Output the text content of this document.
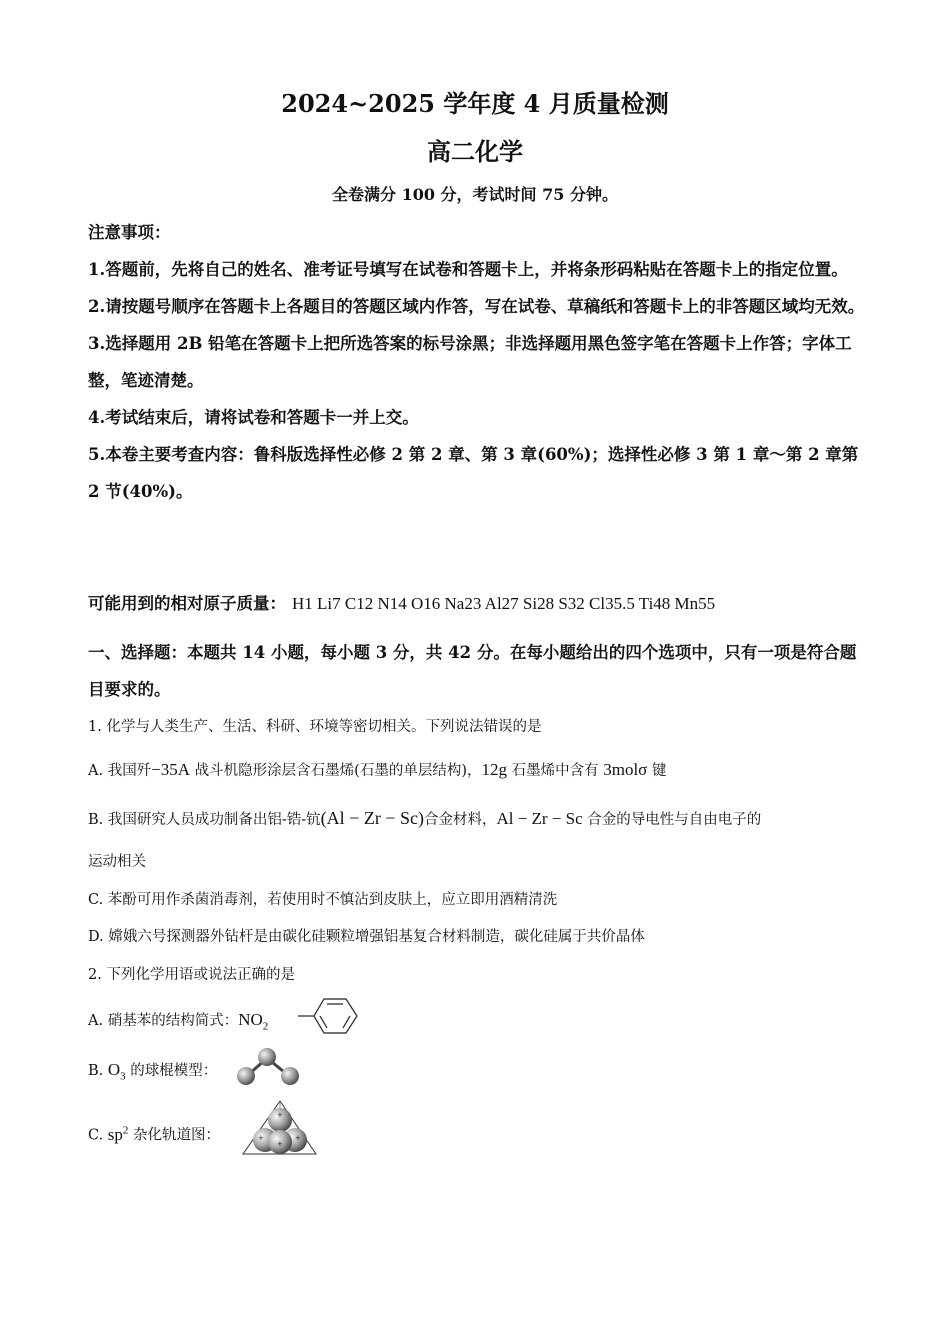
2024~2025 学年度 4 月质量检测
高二化学
全卷满分 100 分，考试时间 75 分钟。
注意事项：
1.答题前，先将自己的姓名、准考证号填写在试卷和答题卡上，并将条形码粘贴在答题卡上的指定位置。
2.请按题号顺序在答题卡上各题目的答题区域内作答，写在试卷、草稿纸和答题卡上的非答题区域均无效。
3.选择题用 2B 铅笔在答题卡上把所选答案的标号涂黑；非选择题用黑色签字笔在答题卡上作答；字体工整，笔迹清楚。
4.考试结束后，请将试卷和答题卡一并上交。
5.本卷主要考查内容：鲁科版选择性必修 2 第 2 章、第 3 章(60%)；选择性必修 3 第 1 章～第 2 章第 2 节(40%)。
可能用到的相对原子质量： H1 Li7 C12 N14 O16 Na23 Al27 Si28 S32 Cl35.5 Ti48 Mn55
一、选择题：本题共 14 小题，每小题 3 分，共 42 分。在每小题给出的四个选项中，只有一项是符合题目要求的。
1. 化学与人类生产、生活、科研、环境等密切相关。下列说法错误的是
A. 我国歼−35A 战斗机隐形涂层含石墨烯(石墨的单层结构)，12g 石墨烯中含有 3molσ 键
B. 我国研究人员成功制备出铝-锆-钪(Al − Zr − Sc)合金材料，Al − Zr − Sc 合金的导电性与自由电子的
运动相关
C. 苯酚可用作杀菌消毒剂，若使用时不慎沾到皮肤上，应立即用酒精清洗
D. 嫦娥六号探测器外钻杆是由碳化硅颗粒增强铝基复合材料制造，碳化硅属于共价晶体
2. 下列化学用语或说法正确的是
A. 硝基苯的结构简式：$NO_2$
B. $O_3$ 的球棍模型：
C. $sp^2$ 杂化轨道图：
+
+	+
+
